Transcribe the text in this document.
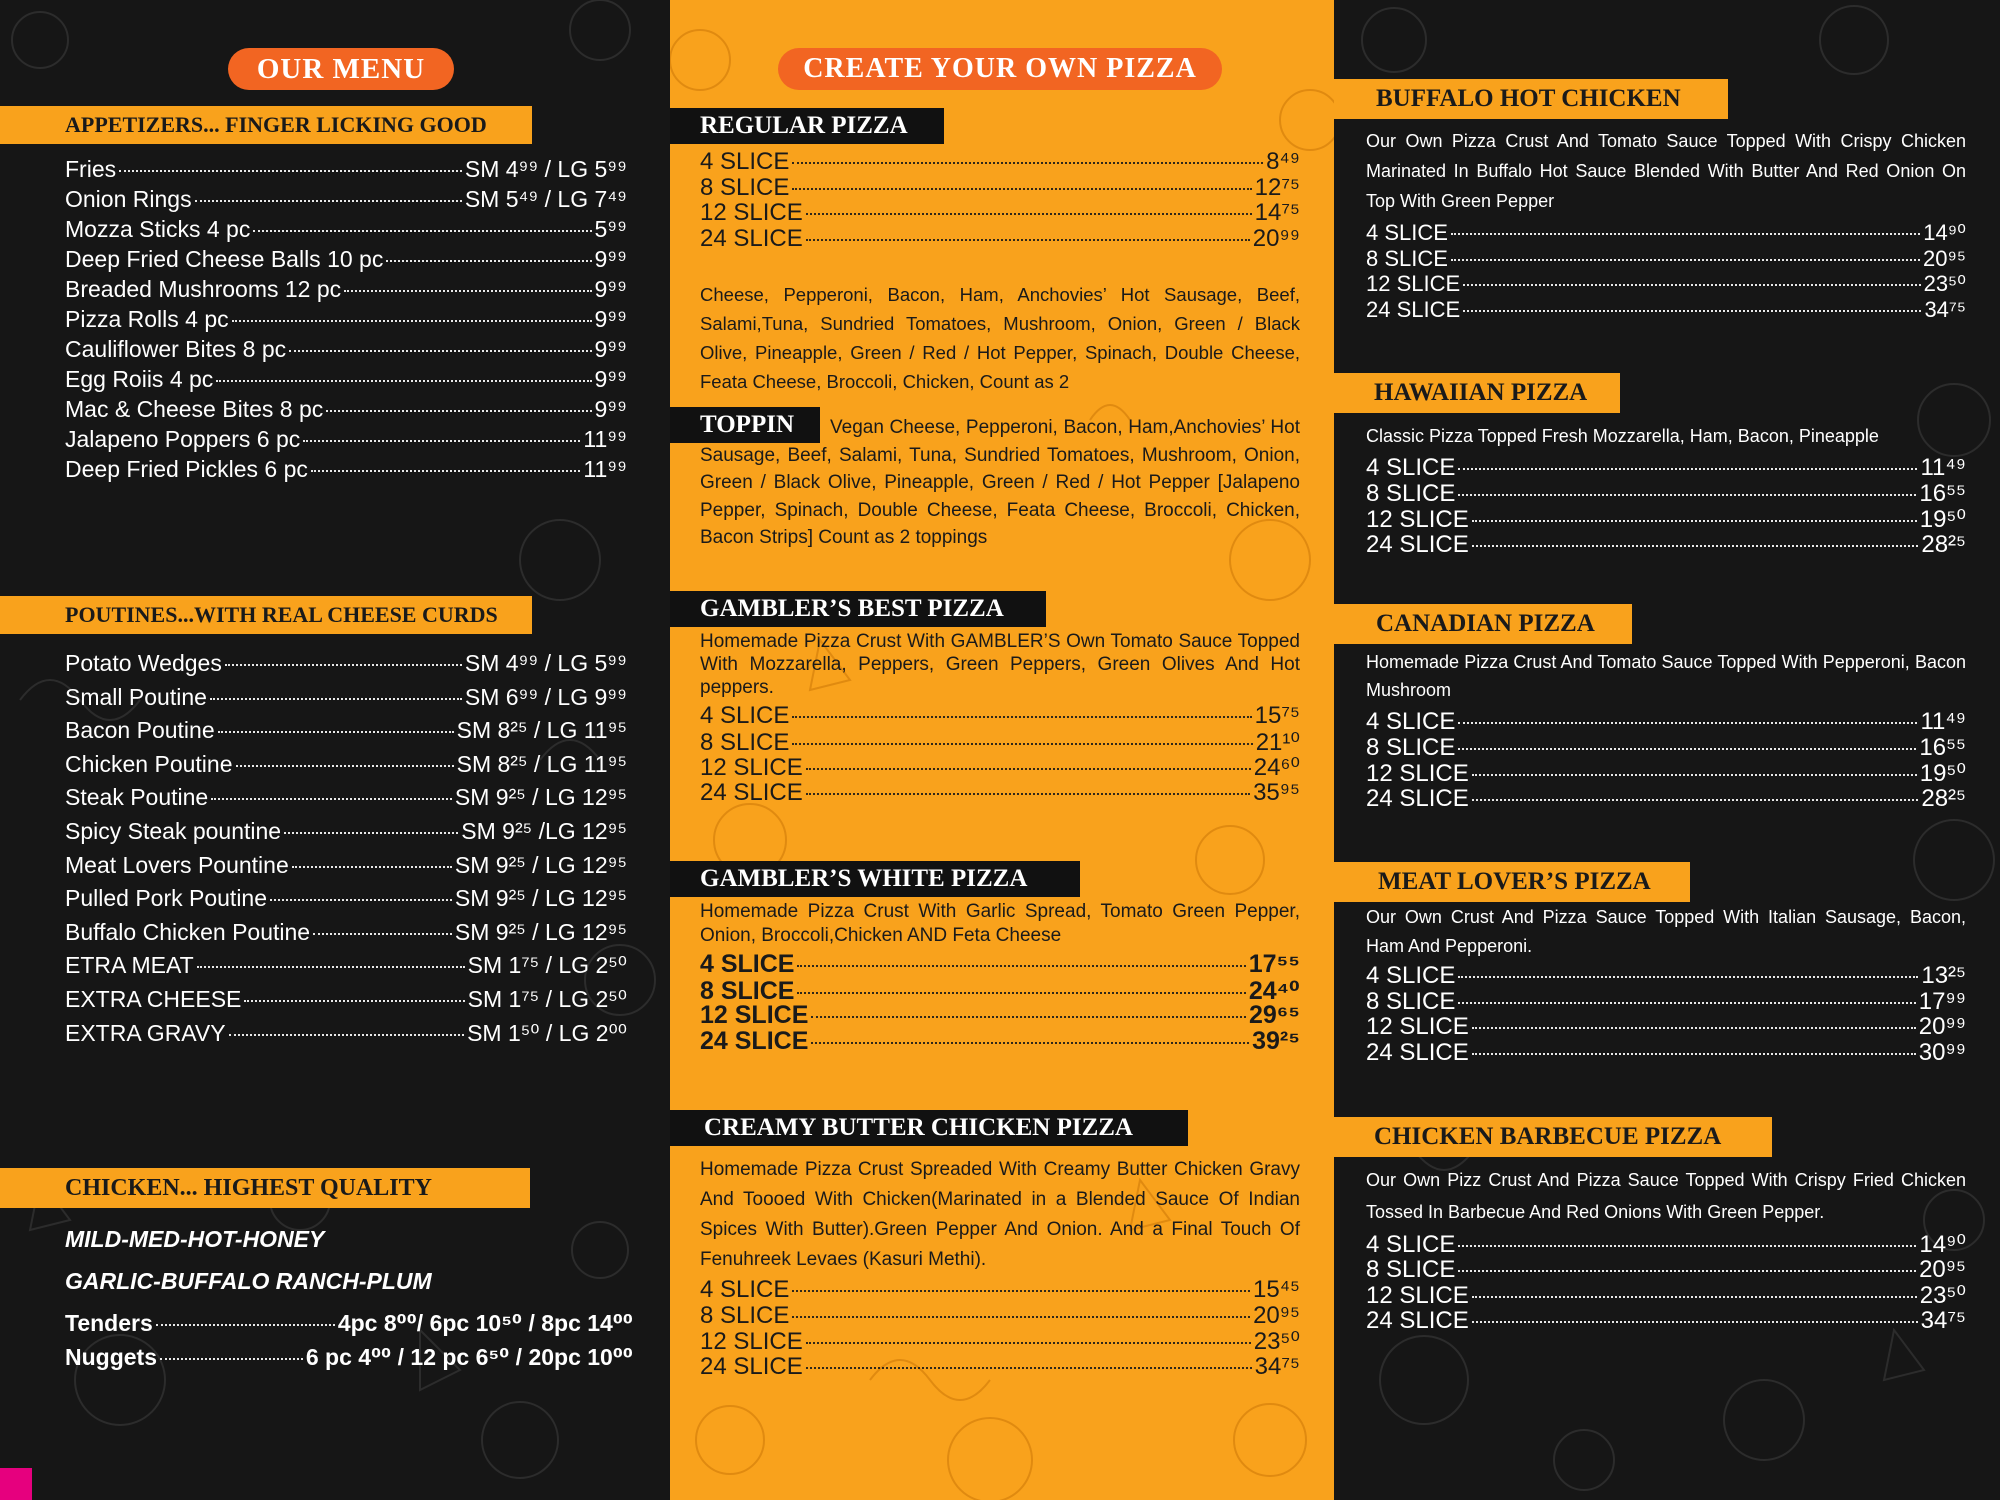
OUR MENU
APPETIZERS... FINGER LICKING GOOD
Fries	SM 4⁹⁹ / LG 5⁹⁹
Onion Rings	SM 5⁴⁹ / LG 7⁴⁹
Mozza Sticks 4 pc	5⁹⁹
Deep Fried Cheese Balls 10 pc	9⁹⁹
Breaded Mushrooms 12 pc	9⁹⁹
Pizza Rolls 4 pc	9⁹⁹
Cauliflower Bites 8 pc	9⁹⁹
Egg Roiis 4 pc	9⁹⁹
Mac & Cheese Bites 8 pc	9⁹⁹
Jalapeno Poppers 6 pc	11⁹⁹
Deep Fried Pickles 6 pc	11⁹⁹
POUTINES...WITH REAL CHEESE CURDS
Potato Wedges	SM 4⁹⁹ / LG 5⁹⁹
Small Poutine	SM 6⁹⁹ / LG 9⁹⁹
Bacon Poutine	SM 8²⁵ / LG 11⁹⁵
Chicken Poutine	SM 8²⁵ / LG 11⁹⁵
Steak Poutine	SM 9²⁵ / LG 12⁹⁵
Spicy Steak pountine	SM 9²⁵ /LG 12⁹⁵
Meat Lovers Pountine	SM 9²⁵ / LG 12⁹⁵
Pulled Pork Poutine	SM 9²⁵ / LG 12⁹⁵
Buffalo Chicken Poutine	SM 9²⁵ / LG 12⁹⁵
ETRA MEAT	SM 1⁷⁵ / LG 2⁵⁰
EXTRA CHEESE	SM 1⁷⁵ / LG 2⁵⁰
EXTRA GRAVY	SM 1⁵⁰ / LG 2⁰⁰
CHICKEN... HIGHEST QUALITY
MILD-MED-HOT-HONEY
GARLIC-BUFFALO RANCH-PLUM
Tenders	4pc 8⁰⁰/ 6pc 10⁵⁰ / 8pc 14⁰⁰
Nuggets	6 pc 4⁰⁰ / 12 pc 6⁵⁰ / 20pc 10⁰⁰
CREATE YOUR OWN PIZZA
REGULAR PIZZA
4 SLICE	8⁴⁹
8 SLICE	12⁷⁵
12 SLICE	14⁷⁵
24 SLICE	20⁹⁹
Cheese, Pepperoni, Bacon, Ham, Anchovies’ Hot Sausage, Beef, Salami,Tuna, Sundried Tomatoes, Mushroom, Onion, Green / Black Olive, Pineapple, Green / Red / Hot Pepper, Spinach, Double Cheese, Feata Cheese, Broccoli, Chicken, Count as 2
TOPPIN	Vegan Cheese, Pepperoni, Bacon, Ham,Anchovies’ Hot Sausage, Beef, Salami, Tuna, Sundried Tomatoes, Mushroom, Onion, Green / Black Olive, Pineapple, Green / Red / Hot Pepper [Jalapeno Pepper, Spinach, Double Cheese, Feata Cheese, Broccoli, Chicken, Bacon Strips] Count as 2 toppings
GAMBLER’S BEST PIZZA
Homemade Pizza Crust With GAMBLER’S Own Tomato Sauce Topped With Mozzarella, Peppers, Green Peppers, Green Olives And Hot peppers.
4 SLICE	15⁷⁵
8 SLICE	21¹⁰
12 SLICE	24⁶⁰
24 SLICE	35⁹⁵
GAMBLER’S WHITE PIZZA
Homemade Pizza Crust With Garlic Spread, Tomato Green Pepper, Onion, Broccoli,Chicken AND Feta Cheese
4 SLICE	17⁵⁵
8 SLICE	24⁴⁰
12 SLICE	29⁶⁵
24 SLICE	39²⁵
CREAMY BUTTER CHICKEN PIZZA
Homemade Pizza Crust Spreaded With Creamy Butter Chicken Gravy And Toooed With Chicken(Marinated in a Blended Sauce Of Indian Spices With Butter).Green Pepper And Onion. And a Final Touch Of Fenuhreek Levaes (Kasuri Methi).
4 SLICE	15⁴⁵
8 SLICE	20⁹⁵
12 SLICE	23⁵⁰
24 SLICE	34⁷⁵
BUFFALO HOT CHICKEN
Our Own Pizza Crust And Tomato Sauce Topped With Crispy Chicken Marinated In Buffalo Hot Sauce Blended With Butter And Red Onion On Top With Green Pepper
4 SLICE	14⁹⁰
8 SLICE	20⁹⁵
12 SLICE	23⁵⁰
24 SLICE	34⁷⁵
HAWAIIAN PIZZA
Classic Pizza Topped Fresh Mozzarella, Ham, Bacon, Pineapple
4 SLICE	11⁴⁹
8 SLICE	16⁵⁵
12 SLICE	19⁵⁰
24 SLICE	28²⁵
CANADIAN PIZZA
Homemade Pizza Crust And Tomato Sauce Topped With Pepperoni, Bacon Mushroom
4 SLICE	11⁴⁹
8 SLICE	16⁵⁵
12 SLICE	19⁵⁰
24 SLICE	28²⁵
MEAT LOVER’S PIZZA
Our Own Crust And Pizza Sauce Topped With Italian Sausage, Bacon, Ham And Pepperoni.
4 SLICE	13²⁵
8 SLICE	17⁹⁹
12 SLICE	20⁹⁹
24 SLICE	30⁹⁹
CHICKEN BARBECUE PIZZA
Our Own Pizz Crust And Pizza Sauce Topped With Crispy Fried Chicken Tossed In Barbecue And Red Onions With Green Pepper.
4 SLICE	14⁹⁰
8 SLICE	20⁹⁵
12 SLICE	23⁵⁰
24 SLICE	34⁷⁵
